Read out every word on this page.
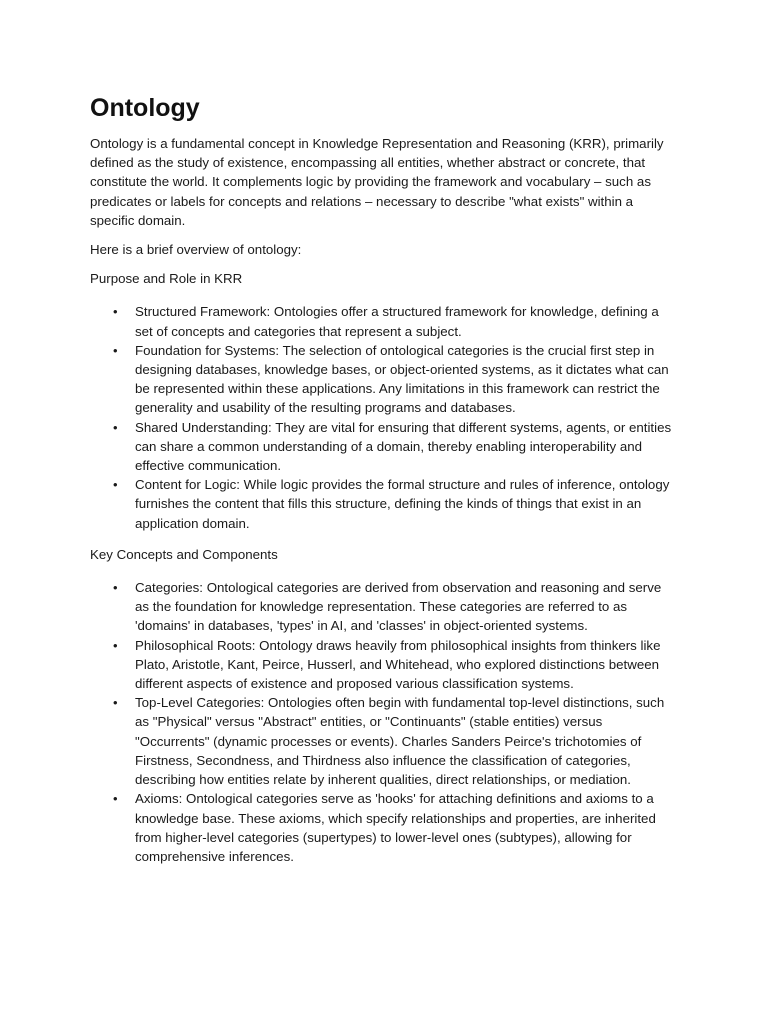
Ontology

Ontology is a fundamental concept in Knowledge Representation and Reasoning (KRR), primarily defined as the study of existence, encompassing all entities, whether abstract or concrete, that constitute the world. It complements logic by providing the framework and vocabulary – such as predicates or labels for concepts and relations – necessary to describe "what exists" within a specific domain.

Here is a brief overview of ontology:

Purpose and Role in KRR

• Structured Framework: Ontologies offer a structured framework for knowledge, defining a set of concepts and categories that represent a subject.
• Foundation for Systems: The selection of ontological categories is the crucial first step in designing databases, knowledge bases, or object-oriented systems, as it dictates what can be represented within these applications. Any limitations in this framework can restrict the generality and usability of the resulting programs and databases.
• Shared Understanding: They are vital for ensuring that different systems, agents, or entities can share a common understanding of a domain, thereby enabling interoperability and effective communication.
• Content for Logic: While logic provides the formal structure and rules of inference, ontology furnishes the content that fills this structure, defining the kinds of things that exist in an application domain.

Key Concepts and Components

• Categories: Ontological categories are derived from observation and reasoning and serve as the foundation for knowledge representation. These categories are referred to as 'domains' in databases, 'types' in AI, and 'classes' in object-oriented systems.
• Philosophical Roots: Ontology draws heavily from philosophical insights from thinkers like Plato, Aristotle, Kant, Peirce, Husserl, and Whitehead, who explored distinctions between different aspects of existence and proposed various classification systems.
• Top-Level Categories: Ontologies often begin with fundamental top-level distinctions, such as "Physical" versus "Abstract" entities, or "Continuants" (stable entities) versus "Occurrents" (dynamic processes or events). Charles Sanders Peirce's trichotomies of Firstness, Secondness, and Thirdness also influence the classification of categories, describing how entities relate by inherent qualities, direct relationships, or mediation.
• Axioms: Ontological categories serve as 'hooks' for attaching definitions and axioms to a knowledge base. These axioms, which specify relationships and properties, are inherited from higher-level categories (supertypes) to lower-level ones (subtypes), allowing for comprehensive inferences.
